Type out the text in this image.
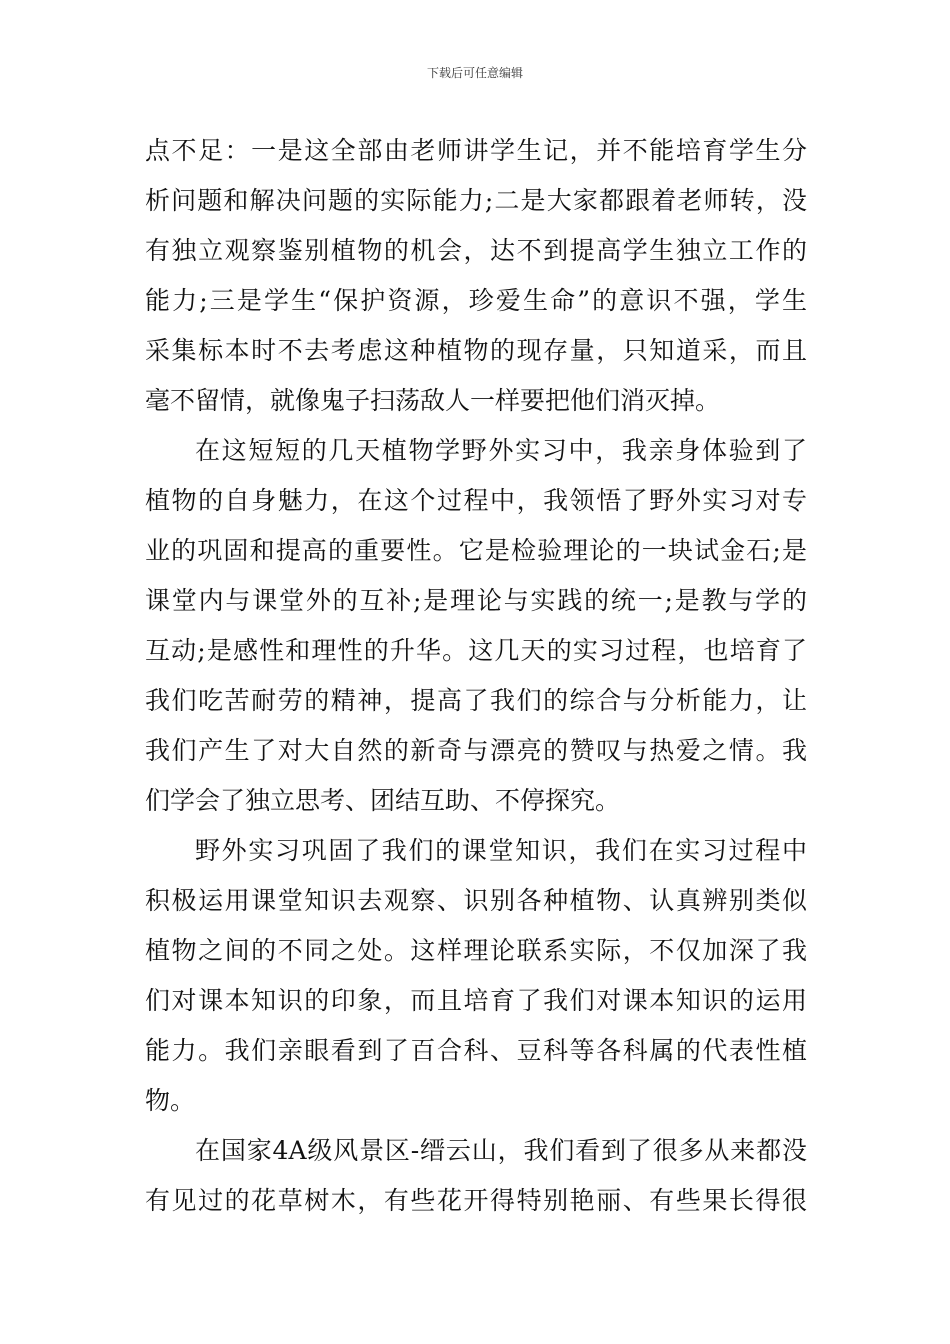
下载后可任意编辑
点不足：一是这全部由老师讲学生记，并不能培育学生分
析问题和解决问题的实际能力;二是大家都跟着老师转，没
有独立观察鉴别植物的机会，达不到提高学生独立工作的
能力;三是学生“保护资源，珍爱生命”的意识不强，学生
采集标本时不去考虑这种植物的现存量，只知道采，而且
毫不留情，就像鬼子扫荡敌人一样要把他们消灭掉。
在这短短的几天植物学野外实习中，我亲身体验到了
植物的自身魅力，在这个过程中，我领悟了野外实习对专
业的巩固和提高的重要性。它是检验理论的一块试金石;是
课堂内与课堂外的互补;是理论与实践的统一;是教与学的
互动;是感性和理性的升华。这几天的实习过程，也培育了
我们吃苦耐劳的精神，提高了我们的综合与分析能力，让
我们产生了对大自然的新奇与漂亮的赞叹与热爱之情。我
们学会了独立思考、团结互助、不停探究。
野外实习巩固了我们的课堂知识，我们在实习过程中
积极运用课堂知识去观察、识别各种植物、认真辨别类似
植物之间的不同之处。这样理论联系实际，不仅加深了我
们对课本知识的印象，而且培育了我们对课本知识的运用
能力。我们亲眼看到了百合科、豆科等各科属的代表性植
物。
在国家4A级风景区-缙云山，我们看到了很多从来都没
有见过的花草树木，有些花开得特别艳丽、有些果长得很
